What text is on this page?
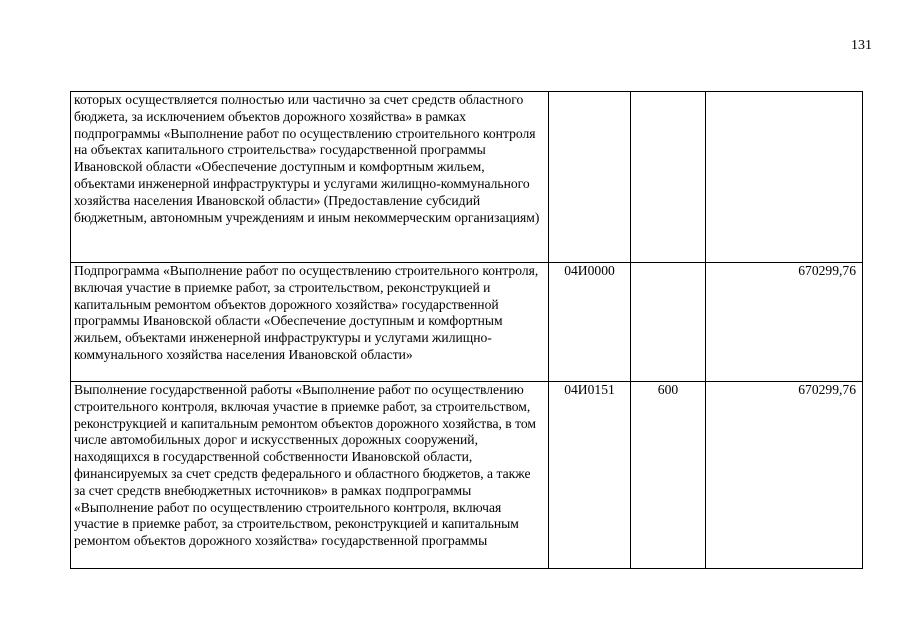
131
которых осуществляется полностью или частично за счет средств областного бюджета, за исключением объектов дорожного хозяйства» в рамках подпрограммы «Выполнение работ по осуществлению строительного контроля на объектах капитального строительства» государственной программы Ивановской области «Обеспечение доступным и комфортным жильем, объектами инженерной инфраструктуры и услугами жилищно-коммунального хозяйства населения Ивановской области» (Предоставление субсидий бюджетным, автономным учреждениям и иным некоммерческим организациям)			
Подпрограмма «Выполнение работ по осуществлению строительного контроля, включая участие в приемке работ, за строительством, реконструкцией и капитальным ремонтом объектов дорожного хозяйства» государственной программы Ивановской области «Обеспечение доступным и комфортным жильем, объектами инженерной инфраструктуры и услугами жилищно-коммунального хозяйства населения Ивановской области»	04И0000		670299,76
Выполнение государственной работы «Выполнение работ по осуществлению строительного контроля, включая участие в приемке работ, за строительством, реконструкцией и капитальным ремонтом объектов дорожного хозяйства, в том числе автомобильных дорог и искусственных дорожных сооружений, находящихся в государственной собственности Ивановской области, финансируемых за счет средств федерального и областного бюджетов, а также за счет средств внебюджетных источников» в рамках подпрограммы «Выполнение работ по осуществлению строительного контроля, включая участие в приемке работ, за строительством, реконструкцией и капитальным ремонтом объектов дорожного хозяйства» государственной программы	04И0151	600	670299,76
